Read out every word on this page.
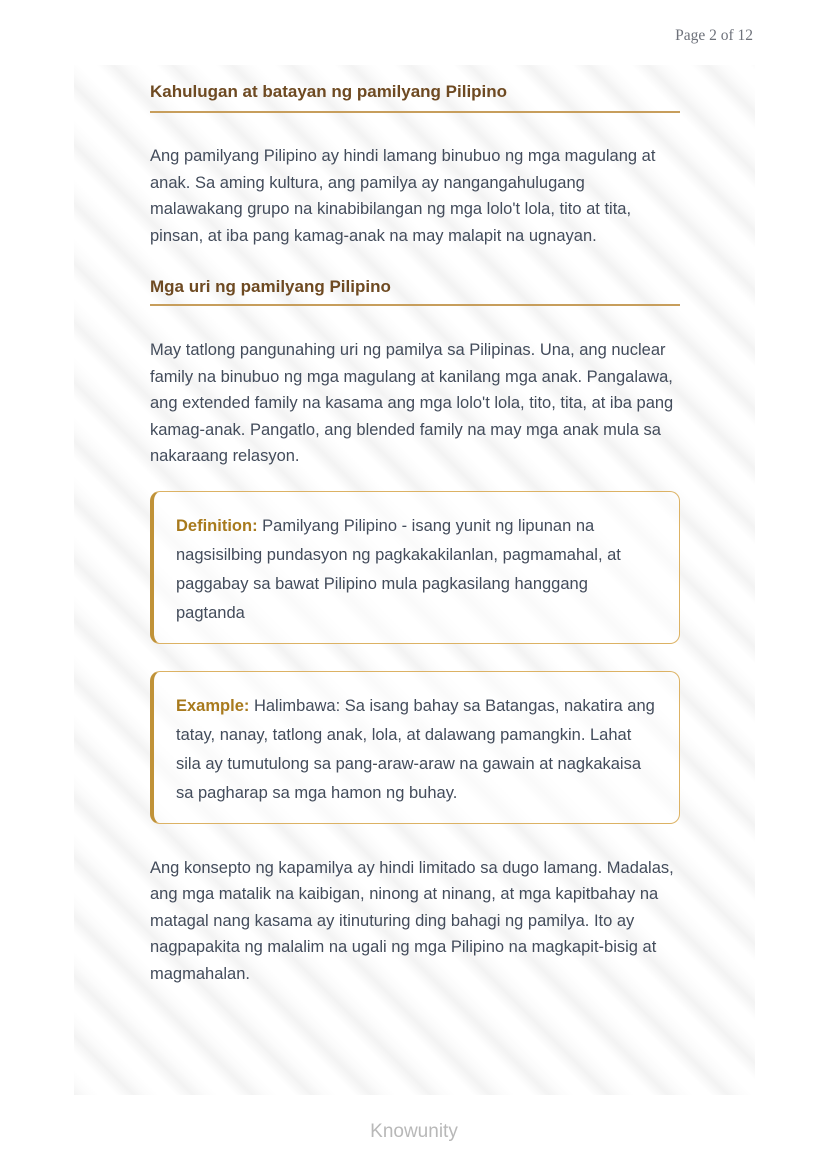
Page 2 of 12
Kahulugan at batayan ng pamilyang Pilipino

Ang pamilyang Pilipino ay hindi lamang binubuo ng mga magulang at anak. Sa aming kultura, ang pamilya ay nangangahulugang malawakang grupo na kinabibilangan ng mga lolo't lola, tito at tita, pinsan, at iba pang kamag-anak na may malapit na ugnayan.

Mga uri ng pamilyang Pilipino

May tatlong pangunahing uri ng pamilya sa Pilipinas. Una, ang nuclear family na binubuo ng mga magulang at kanilang mga anak. Pangalawa, ang extended family na kasama ang mga lolo't lola, tito, tita, at iba pang kamag-anak. Pangatlo, ang blended family na may mga anak mula sa nakaraang relasyon.

Definition: Pamilyang Pilipino - isang yunit ng lipunan na nagsisilbing pundasyon ng pagkakakilanlan, pagmamahal, at paggabay sa bawat Pilipino mula pagkasilang hanggang pagtanda

Example: Halimbawa: Sa isang bahay sa Batangas, nakatira ang tatay, nanay, tatlong anak, lola, at dalawang pamangkin. Lahat sila ay tumutulong sa pang-araw-araw na gawain at nagkakaisa sa pagharap sa mga hamon ng buhay.

Ang konsepto ng kapamilya ay hindi limitado sa dugo lamang. Madalas, ang mga matalik na kaibigan, ninong at ninang, at mga kapitbahay na matagal nang kasama ay itinuturing ding bahagi ng pamilya. Ito ay nagpapakita ng malalim na ugali ng mga Pilipino na magkapit-bisig at magmahalan.

Knowunity
